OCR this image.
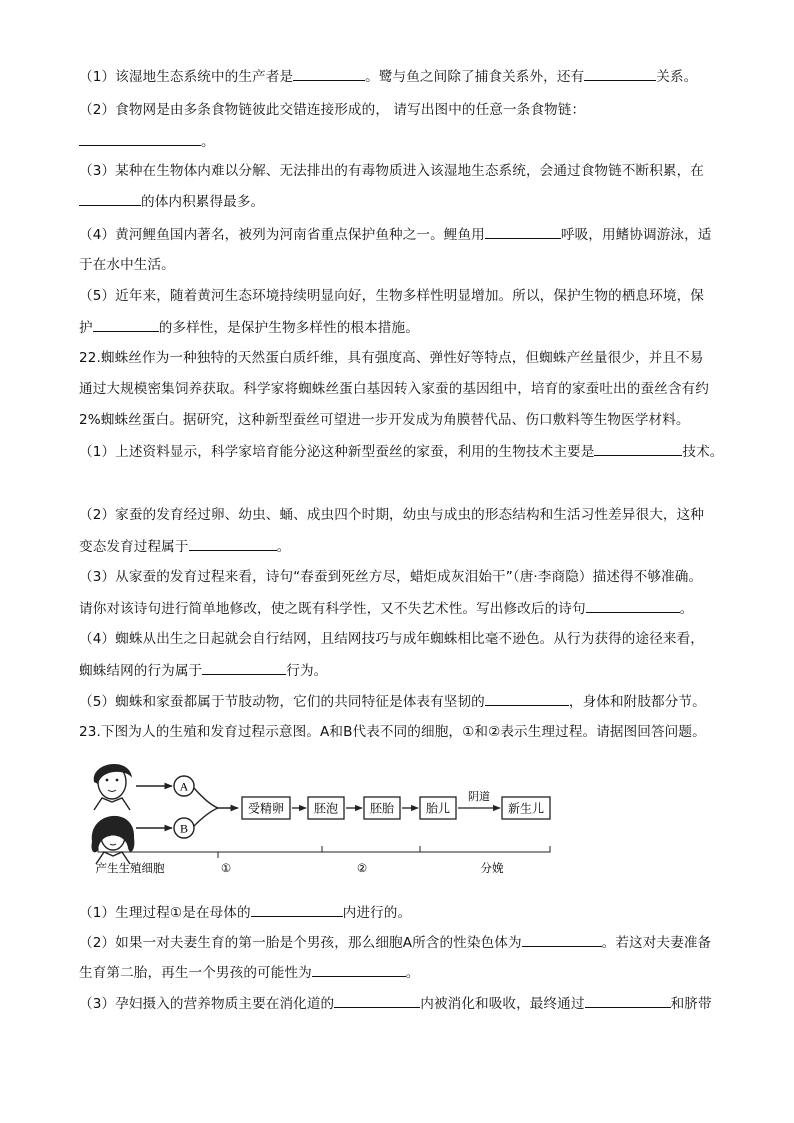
（1）该湿地生态系统中的生产者是	。鹭与鱼之间除了捕食关系外，还有	关系。
（2）食物网是由多条食物链彼此交错连接形成的， 请写出图中的任意一条食物链：
。
（3）某种在生物体内难以分解、无法排出的有毒物质进入该湿地生态系统，会通过食物链不断积累，在
的体内积累得最多。
（4）黄河鲤鱼国内著名，被列为河南省重点保护鱼种之一。鲤鱼用	呼吸，用鳍协调游泳，适
于在水中生活。
（5）近年来，随着黄河生态环境持续明显向好，生物多样性明显增加。所以，保护生物的栖息环境，保
护	的多样性，是保护生物多样性的根本措施。
22.蜘蛛丝作为一种独特的天然蛋白质纤维，具有强度高、弹性好等特点，但蜘蛛产丝量很少，并且不易
通过大规模密集饲养获取。科学家将蜘蛛丝蛋白基因转入家蚕的基因组中，培育的家蚕吐出的蚕丝含有约
2%蜘蛛丝蛋白。据研究，这种新型蚕丝可望进一步开发成为角膜替代品、伤口敷料等生物医学材料。
（1）上述资料显示，科学家培育能分泌这种新型蚕丝的家蚕，利用的生物技术主要是	技术。
（2）家蚕的发育经过卵、幼虫、蛹、成虫四个时期，幼虫与成虫的形态结构和生活习性差异很大，这种
变态发育过程属于	。
（3）从家蚕的发育过程来看，诗句“春蚕到死丝方尽，蜡炬成灰泪始干”（唐·李商隐）描述得不够准确。
请你对该诗句进行简单地修改，使之既有科学性，又不失艺术性。写出修改后的诗句	。
（4）蜘蛛从出生之日起就会自行结网，且结网技巧与成年蜘蛛相比毫不逊色。从行为获得的途径来看，
蜘蛛结网的行为属于	行为。
（5）蜘蛛和家蚕都属于节肢动物，它们的共同特征是体表有坚韧的	，身体和附肢都分节。
23.下图为人的生殖和发育过程示意图。A和B代表不同的细胞，①和②表示生理过程。请据图回答问题。
A
B
受精卵 胚泡	胚胎	胎儿	新生儿
阴道
产生生殖细胞	①	②	分娩
（1）生理过程①是在母体的	内进行的。
（2）如果一对夫妻生育的第一胎是个男孩，那么细胞A所含的性染色体为	。若这对夫妻准备
生育第二胎，再生一个男孩的可能性为	。
（3）孕妇摄入的营养物质主要在消化道的	内被消化和吸收，最终通过	和脐带
